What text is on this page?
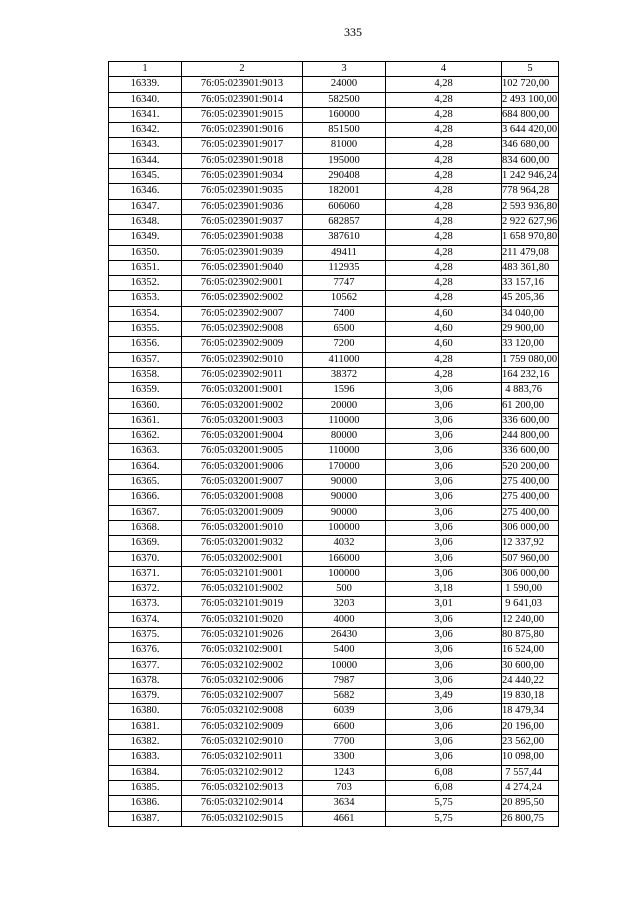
335
1	2	3	4	5
16339.	76:05:023901:9013	24000	4,28	102 720,00
16340.	76:05:023901:9014	582500	4,28	2 493 100,00
16341.	76:05:023901:9015	160000	4,28	684 800,00
16342.	76:05:023901:9016	851500	4,28	3 644 420,00
16343.	76:05:023901:9017	81000	4,28	346 680,00
16344.	76:05:023901:9018	195000	4,28	834 600,00
16345.	76:05:023901:9034	290408	4,28	1 242 946,24
16346.	76:05:023901:9035	182001	4,28	778 964,28
16347.	76:05:023901:9036	606060	4,28	2 593 936,80
16348.	76:05:023901:9037	682857	4,28	2 922 627,96
16349.	76:05:023901:9038	387610	4,28	1 658 970,80
16350.	76:05:023901:9039	49411	4,28	211 479,08
16351.	76:05:023901:9040	112935	4,28	483 361,80
16352.	76:05:023902:9001	7747	4,28	33 157,16
16353.	76:05:023902:9002	10562	4,28	45 205,36
16354.	76:05:023902:9007	7400	4,60	34 040,00
16355.	76:05:023902:9008	6500	4,60	29 900,00
16356.	76:05:023902:9009	7200	4,60	33 120,00
16357.	76:05:023902:9010	411000	4,28	1 759 080,00
16358.	76:05:023902:9011	38372	4,28	164 232,16
16359.	76:05:032001:9001	1596	3,06	4 883,76
16360.	76:05:032001:9002	20000	3,06	61 200,00
16361.	76:05:032001:9003	110000	3,06	336 600,00
16362.	76:05:032001:9004	80000	3,06	244 800,00
16363.	76:05:032001:9005	110000	3,06	336 600,00
16364.	76:05:032001:9006	170000	3,06	520 200,00
16365.	76:05:032001:9007	90000	3,06	275 400,00
16366.	76:05:032001:9008	90000	3,06	275 400,00
16367.	76:05:032001:9009	90000	3,06	275 400,00
16368.	76:05:032001:9010	100000	3,06	306 000,00
16369.	76:05:032001:9032	4032	3,06	12 337,92
16370.	76:05:032002:9001	166000	3,06	507 960,00
16371.	76:05:032101:9001	100000	3,06	306 000,00
16372.	76:05:032101:9002	500	3,18	1 590,00
16373.	76:05:032101:9019	3203	3,01	9 641,03
16374.	76:05:032101:9020	4000	3,06	12 240,00
16375.	76:05:032101:9026	26430	3,06	80 875,80
16376.	76:05:032102:9001	5400	3,06	16 524,00
16377.	76:05:032102:9002	10000	3,06	30 600,00
16378.	76:05:032102:9006	7987	3,06	24 440,22
16379.	76:05:032102:9007	5682	3,49	19 830,18
16380.	76:05:032102:9008	6039	3,06	18 479,34
16381.	76:05:032102:9009	6600	3,06	20 196,00
16382.	76:05:032102:9010	7700	3,06	23 562,00
16383.	76:05:032102:9011	3300	3,06	10 098,00
16384.	76:05:032102:9012	1243	6,08	7 557,44
16385.	76:05:032102:9013	703	6,08	4 274,24
16386.	76:05:032102:9014	3634	5,75	20 895,50
16387.	76:05:032102:9015	4661	5,75	26 800,75
